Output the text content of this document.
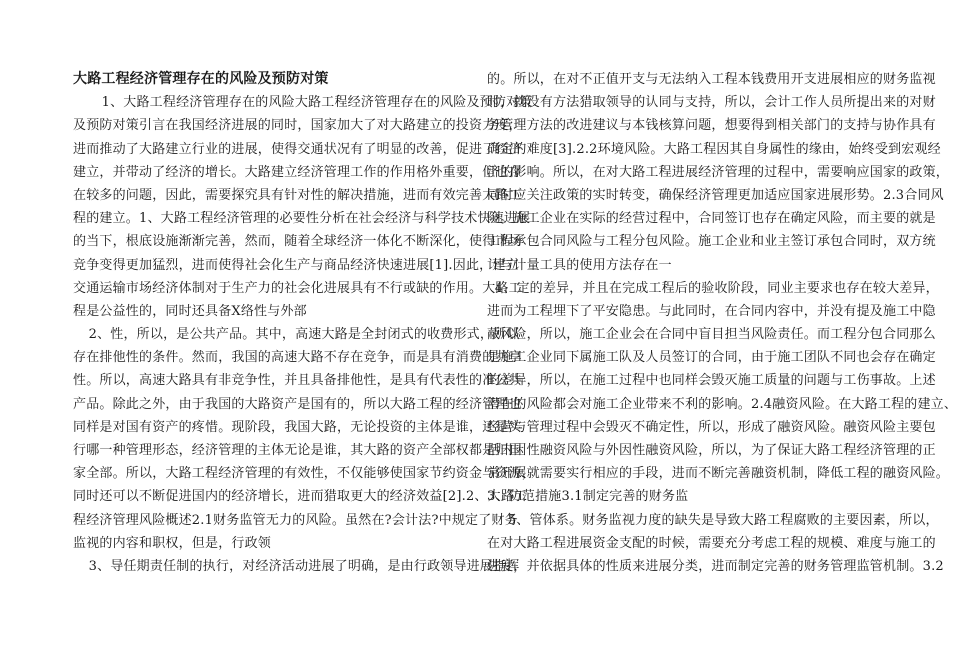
大路工程经济管理存在的风险及预防对策
1、大路工程经济管理存在的风险大路工程经济管理存在的风险及预防对策
及预防对策引言在我国经济进展的同时，国家加大了对大路建立的投资力度，
进而推动了大路建立行业的进展，使得交通状况有了明显的改善，促进了经济
建立，并带动了经济的增长。大路建立经济管理工作的作用格外重要，但也存
在较多的问题，因此，需要探究具有针对性的解决措施，进而有效完善大路工
程的建立。1、大路工程经济管理的必要性分析在社会经济与科学技术快速进展
的当下，根底设施渐渐完善，然而，随着全球经济一体化不断深化，使得市场
竞争变得更加猛烈，进而使得社会化生产与商品经济快速进展[1].因此，建立
交通运输市场经济体制对于生产力的社会化进展具有不行或缺的作用。大路工
程是公益性的，同时还具备X络性与外部
2、性，所以，是公共产品。其中，高速大路是全封闭式的收费形式，所以
存在排他性的条件。然而，我国的高速大路不存在竞争，而是具有消费的共享
性。所以，高速大路具有非竞争性，并且具备排他性，是具有代表性的准公共
产品。除此之外，由于我国的大路资产是国有的，所以大路工程的经济管理也
同样是对国有资产的疼惜。现阶段，我国大路，无论投资的主体是谁，还是实
行哪一种管理形态，经济管理的主体无论是谁，其大路的资产全部权都是归国
家全部。所以，大路工程经济管理的有效性，不仅能够使国家节约资金与资源，
同时还可以不断促进国内的经济增长，进而猎取更大的经济效益[2].2、大路工
程经济管理风险概述2.1财务监管无力的风险。虽然在?会计法?中规定了财务
监视的内容和职权，但是，行政领
3、导任期责任制的执行，对经济活动进展了明确，是由行政领导进展指挥
的。所以，在对不正值开支与无法纳入工程本钱费用开支进展相应的财务监视
时，就没有方法猎取领导的认同与支持，所以，会计工作人员所提出来的对财
务管理方法的改进建议与本钱核算问题，想要得到相关部门的支持与协作具有
确定的难度[3].2.2环境风险。大路工程因其自身属性的缘由，始终受到宏观经
济的影响。所以，在对大路工程进展经济管理的过程中，需要响应国家的政策，
同时应关注政策的实时转变，确保经济管理更加适应国家进展形势。2.3合同风
险。施工企业在实际的经营过程中，合同签订也存在确定风险，而主要的就是
工程承包合同风险与工程分包风险。施工企业和业主签订承包合同时，双方统
计与计量工具的使用方法存在一
4、定的差异，并且在完成工程后的验收阶段，同业主要求也存在较大差异，
进而为工程埋下了平安隐患。与此同时，在合同内容中，并没有提及施工中隐
蔽风险，所以，施工企业会在合同中盲目担当风险责任。而工程分包合同那么
是施工企业同下属施工队及人员签订的合同，由于施工团队不同也会存在确定
的差异，所以，在施工过程中也同样会毁灭施工质量的问题与工伤事故。上述
潜在的风险都会对施工企业带来不利的影响。2.4融资风险。在大路工程的建立、
经营与管理过程中会毁灭不确定性，所以，形成了融资风险。融资风险主要包
括内因性融资风险与外因性融资风险，所以，为了保证大路工程经济管理的正
常开展就需要实行相应的手段，进而不断完善融资机制，降低工程的融资风险。
3、防范措施3.1制定完善的财务监
5、管体系。财务监视力度的缺失是导致大路工程腐败的主要因素，所以，
在对大路工程进展资金支配的时候，需要充分考虑工程的规模、难度与施工的
进度，并依据具体的性质来进展分类，进而制定完善的财务管理监管机制。3.2
